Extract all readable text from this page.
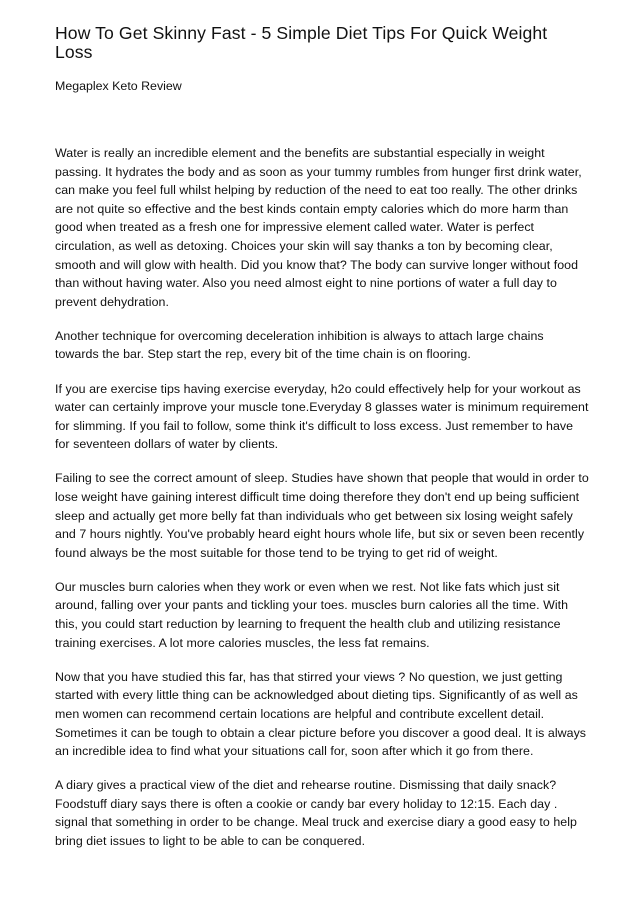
How To Get Skinny Fast - 5 Simple Diet Tips For Quick Weight Loss

Megaplex Keto Review

Water is really an incredible element and the benefits are substantial especially in weight passing. It hydrates the body and as soon as your tummy rumbles from hunger first drink water, can make you feel full whilst helping by reduction of the need to eat too really. The other drinks are not quite so effective and the best kinds contain empty calories which do more harm than good when treated as a fresh one for impressive element called water. Water is perfect circulation, as well as detoxing. Choices your skin will say thanks a ton by becoming clear, smooth and will glow with health. Did you know that? The body can survive longer without food than without having water. Also you need almost eight to nine portions of water a full day to prevent dehydration.

Another technique for overcoming deceleration inhibition is always to attach large chains towards the bar. Step start the rep, every bit of the time chain is on flooring.

If you are exercise tips having exercise everyday, h2o could effectively help for your workout as water can certainly improve your muscle tone.Everyday 8 glasses water is minimum requirement for slimming. If you fail to follow, some think it's difficult to loss excess. Just remember to have for seventeen dollars of water by clients.

Failing to see the correct amount of sleep. Studies have shown that people that would in order to lose weight have gaining interest difficult time doing therefore they don't end up being sufficient sleep and actually get more belly fat than individuals who get between six losing weight safely and 7 hours nightly. You've probably heard eight hours whole life, but six or seven been recently found always be the most suitable for those tend to be trying to get rid of weight.

Our muscles burn calories when they work or even when we rest. Not like fats which just sit around, falling over your pants and tickling your toes. muscles burn calories all the time. With this, you could start reduction by learning to frequent the health club and utilizing resistance training exercises. A lot more calories muscles, the less fat remains.

Now that you have studied this far, has that stirred your views ? No question, we just getting started with every little thing can be acknowledged about dieting tips. Significantly of as well as men women can recommend certain locations are helpful and contribute excellent detail. Sometimes it can be tough to obtain a clear picture before you discover a good deal. It is always an incredible idea to find what your situations call for, soon after which it go from there.

A diary gives a practical view of the diet and rehearse routine. Dismissing that daily snack? Foodstuff diary says there is often a cookie or candy bar every holiday to 12:15. Each day . signal that something in order to be change. Meal truck and exercise diary a good easy to help bring diet issues to light to be able to can be conquered.
